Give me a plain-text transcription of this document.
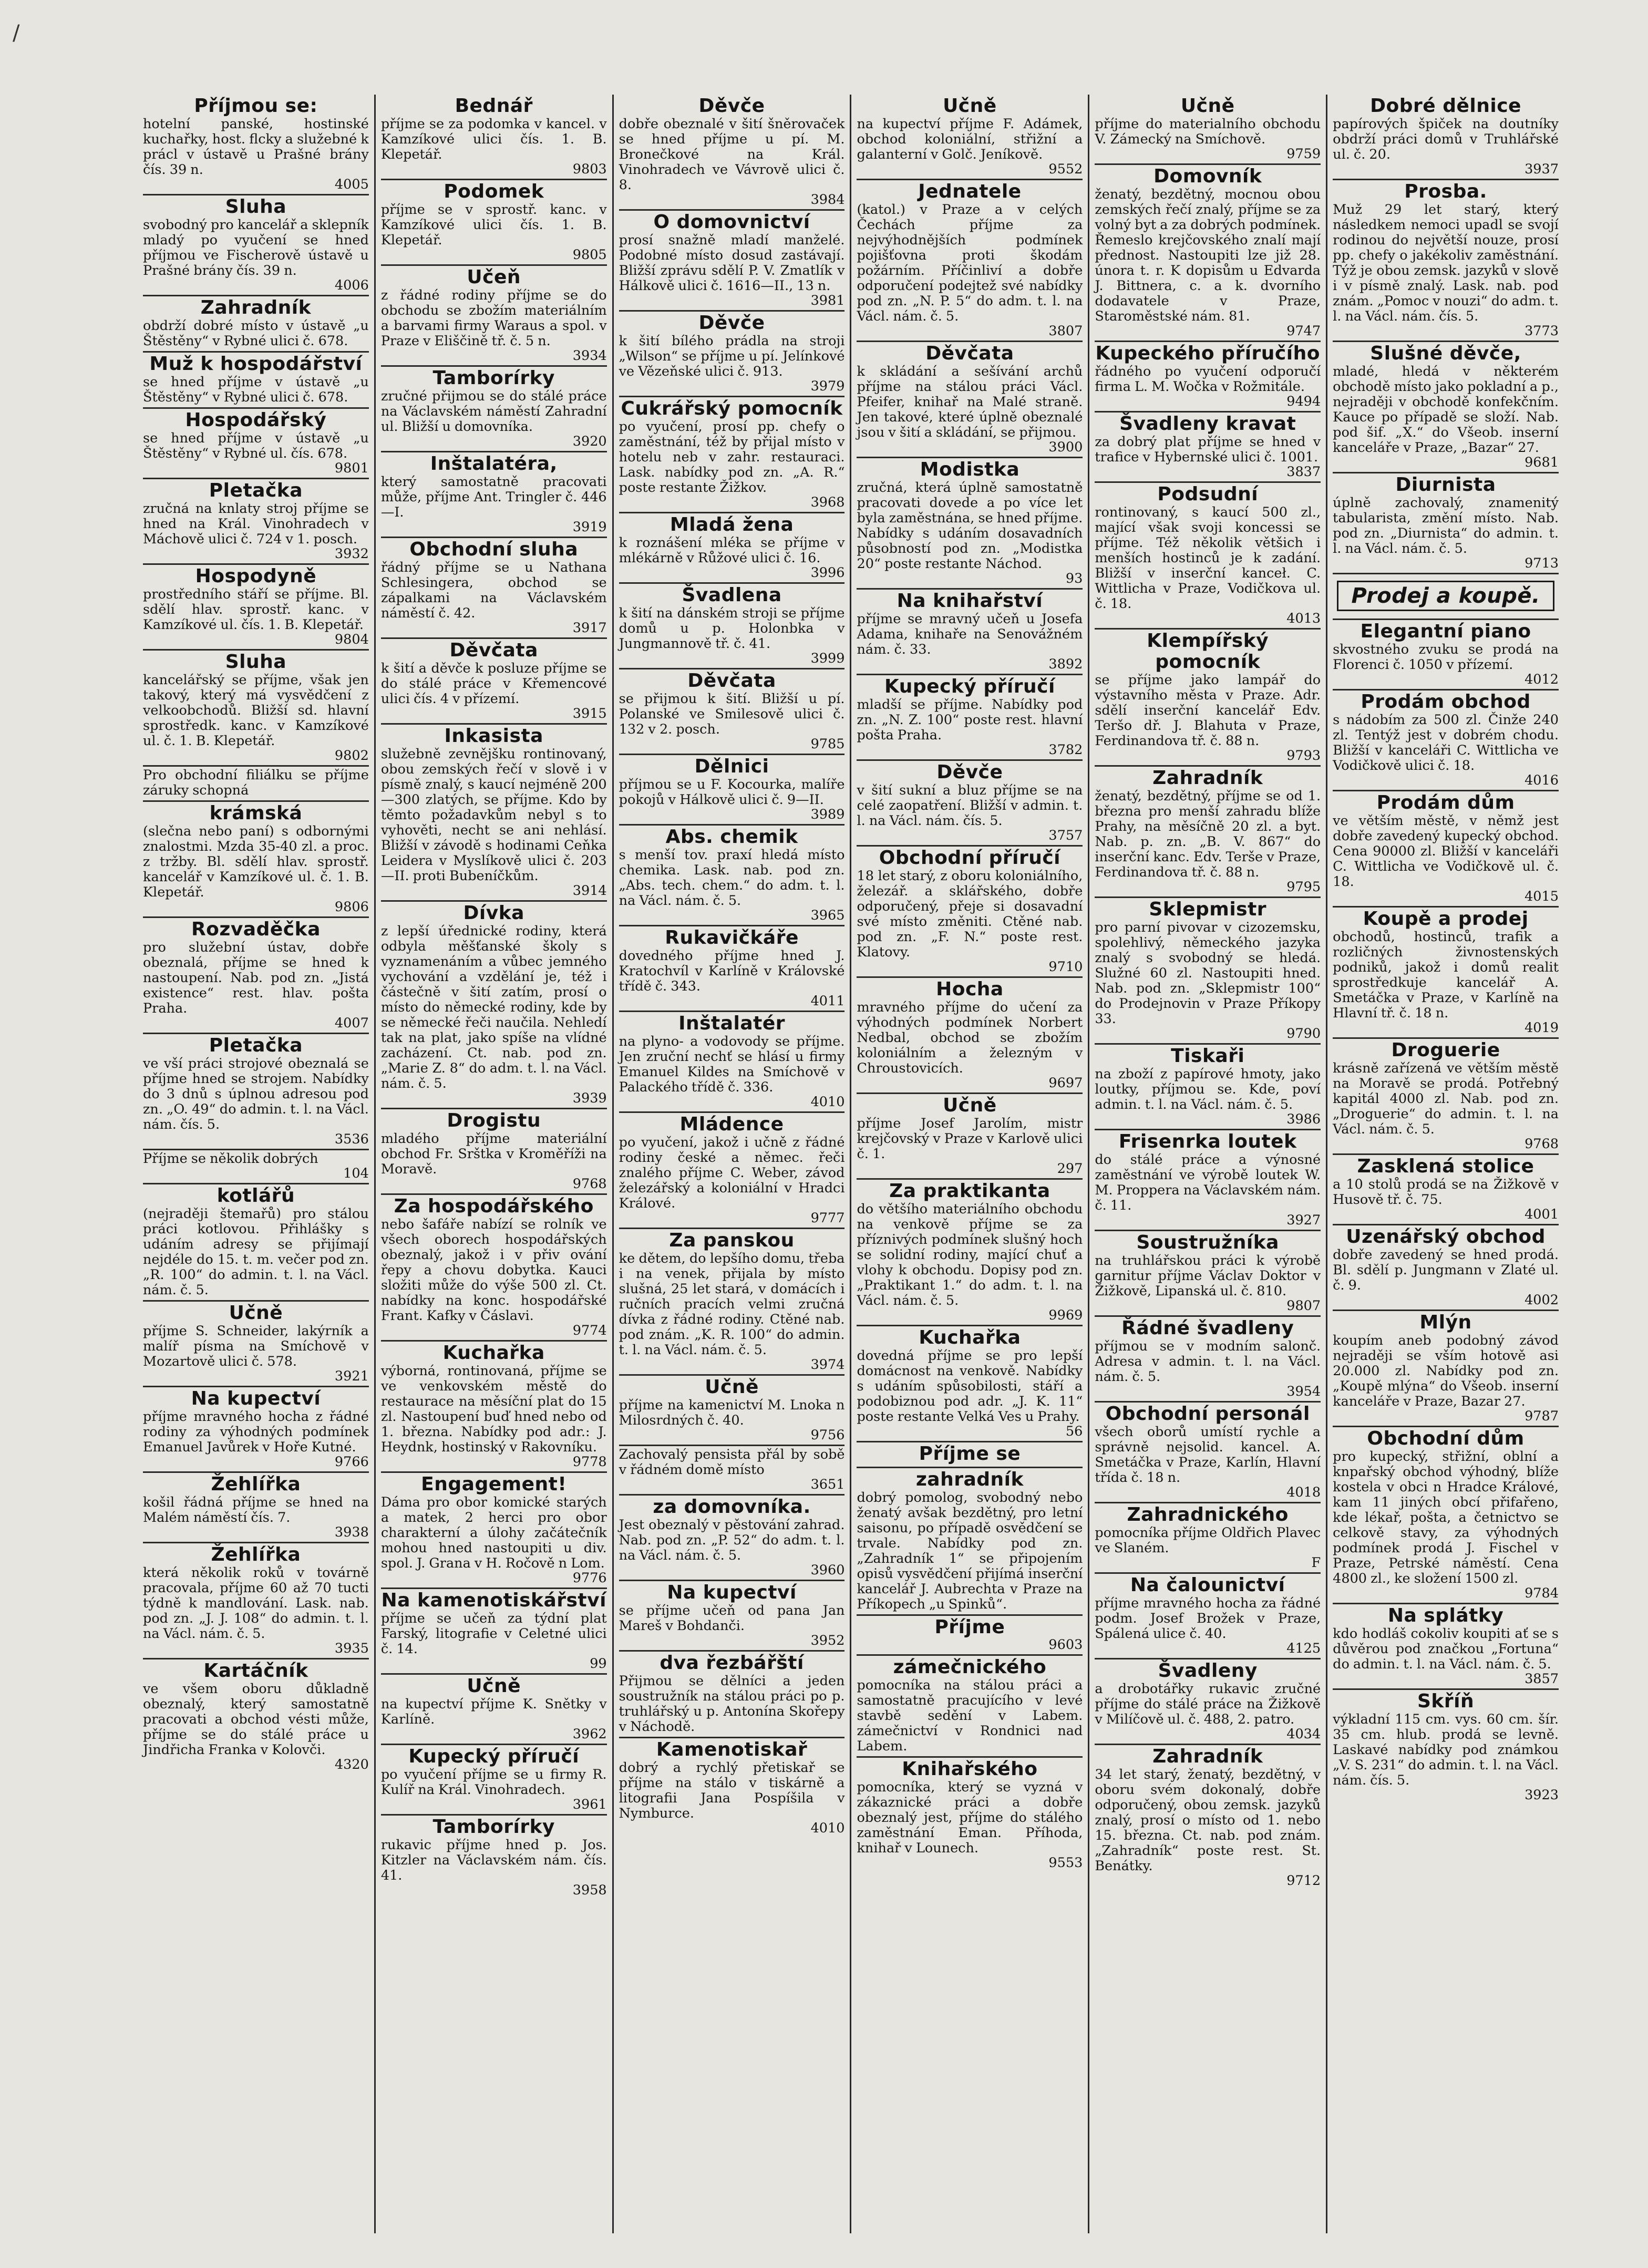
/
Příjmou se:
hotelní panské, hostinské kuchařky, host. flcky a služebné k prácl v ústavě u Prašné brány čís. 39 n.
4005
Sluha
svobodný pro kancelář a sklepník mladý po vyučení se hned příjmou ve Fischerově ústavě u Prašné brány čís. 39 n.
4006
Zahradník
obdrží dobré místo v ústavě „u Štěstěny“ v Rybné ulici č. 678.
Muž k hospodářství
se hned příjme v ústavě „u Štěstěny“ v Rybné ulici č. 678.
Hospodářský
se hned příjme v ústavě „u Štěstěny“ v Rybné ul. čís. 678.
9801
Pletačka
zručná na knlaty stroj příjme se hned na Král. Vinohradech v Máchově ulici č. 724 v 1. posch.
3932
Hospodyně
prostředního stáří se příjme. Bl. sdělí hlav. sprostř. kanc. v Kamzíkové ul. čís. 1. B. Klepetář.
9804
Sluha
kancelářský se příjme, však jen takový, který má vysvědčení z velkoobchodů. Bližší sd. hlavní sprostředk. kanc. v Kamzíkové ul. č. 1. B. Klepetář.
9802
Pro obchodní filiálku se příjme záruky schopná
krámská
(slečna nebo paní) s odbornými znalostmi. Mzda 35-40 zl. a proc. z tržby. Bl. sdělí hlav. sprostř. kancelář v Kamzíkové ul. č. 1. B. Klepetář.
9806
Rozvaděčka
pro služební ústav, dobře obeznalá, příjme se hned k nastoupení. Nab. pod zn. „Jistá existence“ rest. hlav. pošta Praha.
4007
Pletačka
ve vší práci strojové obeznalá se příjme hned se strojem. Nabídky do 3 dnů s úplnou adresou pod zn. „O. 49“ do admin. t. l. na Václ. nám. čís. 5.
3536
Příjme se několik dobrých
104
kotlářů
(nejraději štemařů) pro stálou práci kotlovou. Přihlášky s udáním adresy se přijímají nejdéle do 15. t. m. večer pod zn. „R. 100“ do admin. t. l. na Václ. nám. č. 5.
Učně
příjme S. Schneider, lakýrník a malíř písma na Smíchově v Mozartově ulici č. 578.
3921
Na kupectví
příjme mravného hocha z řádné rodiny za výhodných podmínek Emanuel Javůrek v Hoře Kutné.
9766
Žehlířka
košil řádná příjme se hned na Malém náměstí čís. 7.
3938
Žehlířka
která několik roků v továrně pracovala, příjme 60 až 70 tucti týdně k mandlování. Lask. nab. pod zn. „J. J. 108“ do admin. t. l. na Václ. nám. č. 5.
3935
Kartáčník
ve všem oboru důkladně obeznalý, který samostatně pracovati a obchod vésti může, příjme se do stálé práce u Jindřicha Franka v Kolovči.
4320
Bednář
příjme se za podomka v kancel. v Kamzíkové ulici čís. 1. B. Klepetář.
9803
Podomek
příjme se v sprostř. kanc. v Kamzíkové ulici čís. 1. B. Klepetář.
9805
Učeň
z řádné rodiny příjme se do obchodu se zbožím materiálním a barvami firmy Waraus a spol. v Praze v Eliščině tř. č. 5 n.
3934
Tamborírky
zručné přijmou se do stálé práce na Václavském náměstí Zahradní ul. Bližší u domovníka.
3920
Inštalatéra,
který samostatně pracovati může, příjme Ant. Tringler č. 446—I.
3919
Obchodní sluha
řádný příjme se u Nathana Schlesingera, obchod se zápalkami na Václavském náměstí č. 42.
3917
Děvčata
k šití a děvče k posluze příjme se do stálé práce v Křemencové ulici čís. 4 v přízemí.
3915
Inkasista
služebně zevnějšku rontinovaný, obou zemských řečí v slově i v písmě znalý, s kaucí nejméně 200—300 zlatých, se příjme. Kdo by těmto požadavkům nebyl s to vyhověti, necht se ani nehlásí. Bližší v závodě s hodinami Ceňka Leidera v Myslíkově ulici č. 203—II. proti Bubeníčkům.
3914
Dívka
z lepší úřednické rodiny, která odbyla měšťanské školy s vyznamenáním a vůbec jemného vychování a vzdělání je, též i částečně v šití zatím, prosí o místo do německé rodiny, kde by se německé řeči naučila. Nehledí tak na plat, jako spíše na vlídné zacházení. Ct. nab. pod zn. „Marie Z. 8“ do adm. t. l. na Václ. nám. č. 5.
3939
Drogistu
mladého příjme materiální obchod Fr. Srštka v Kroměříži na Moravě.
9768
Za hospodářského
nebo šafáře nabízí se rolník ve všech oborech hospodářských obeznalý, jakož i v přiv ování řepy a chovu dobytka. Kauci složiti může do výše 500 zl. Ct. nabídky na konc. hospodářské Frant. Kafky v Čáslavi.
9774
Kuchařka
výborná, rontinovaná, příjme se ve venkovském městě do restaurace na měsíční plat do 15 zl. Nastoupení buď hned nebo od 1. března. Nabídky pod adr.: J. Heydnk, hostinský v Rakovníku.
9778
Engagement!
Dáma pro obor komické starých a matek, 2 herci pro obor charakterní a úlohy začátečník mohou hned nastoupiti u div. spol. J. Grana v H. Ročově n Lom.
9776
Na kamenotiskářství
příjme se učeň za týdní plat Farský, litografie v Celetné ulici č. 14.
99
Učně
na kupectví příjme K. Snětky v Karlíně.
3962
Kupecký příručí
po vyučení příjme se u firmy R. Kulíř na Král. Vinohradech.
3961
Tamborírky
rukavic příjme hned p. Jos. Kitzler na Václavském nám. čís. 41.
3958
Děvče
dobře obeznalé v šití šněrovaček se hned příjme u pí. M. Bronečkové na Král. Vinohradech ve Vávrově ulici č. 8.
3984
O domovnictví
prosí snažně mladí manželé. Podobné místo dosud zastávají. Bližší zprávu sdělí P. V. Zmatlík v Hálkově ulici č. 1616—II., 13 n.
3981
Děvče
k šití bílého prádla na stroji „Wilson“ se příjme u pí. Jelínkové ve Vězeňské ulici č. 913.
3979
Cukrářský pomocník
po vyučení, prosí pp. chefy o zaměstnání, též by přijal místo v hotelu neb v zahr. restauraci. Lask. nabídky pod zn. „A. R.“ poste restante Žižkov.
3968
Mladá žena
k roznášení mléka se příjme v mlékárně v Růžové ulici č. 16.
3996
Švadlena
k šití na dánském stroji se příjme domů u p. Holonbka v Jungmannově tř. č. 41.
3999
Děvčata
se přijmou k šití. Bližší u pí. Polanské ve Smilesově ulici č. 132 v 2. posch.
9785
Dělnici
příjmou se u F. Kocourka, malíře pokojů v Hálkově ulici č. 9—II.
3989
Abs. chemik
s menší tov. praxí hledá místo chemika. Lask. nab. pod zn. „Abs. tech. chem.“ do adm. t. l. na Václ. nám. č. 5.
3965
Rukavičkáře
dovedného příjme hned J. Kratochvíl v Karlíně v Královské třídě č. 343.
4011
Inštalatér
na plyno- a vodovody se příjme. Jen zruční nechť se hlásí u firmy Emanuel Kildes na Smíchově v Palackého třídě č. 336.
4010
Mládence
po vyučení, jakož i učně z řádné rodiny české a němec. řeči znalého příjme C. Weber, závod železářský a koloniální v Hradci Králové.
9777
Za panskou
ke dětem, do lepšího domu, třeba i na venek, přijala by místo slušná, 25 let stará, v domácích i ručních pracích velmi zručná dívka z řádné rodiny. Ctěné nab. pod znám. „K. R. 100“ do admin. t. l. na Václ. nám. č. 5.
3974
Učně
příjme na kamenictví M. Lnoka n Milosrdných č. 40.
9756
Zachovalý pensista přál by sobě v řádném domě místo
3651
za domovníka.
Jest obeznalý v pěstování zahrad. Nab. pod zn. „P. 52“ do adm. t. l. na Václ. nám. č. 5.
3960
Na kupectví
se příjme učeň od pana Jan Mareš v Bohdanči.
3952
dva řezbářští
Přijmou se dělníci a jeden soustružník na stálou práci po p. truhlářský u p. Antonína Skořepy v Náchodě.
Kamenotiskař
dobrý a rychlý přetiskař se příjme na stálo v tiskárně a litografii Jana Pospíšila v Nymburce.
4010
Učně
na kupectví příjme F. Adámek, obchod koloniální, střižní a galanterní v Golč. Jeníkově.
9552
Jednatele
(katol.) v Praze a v celých Čechách příjme za nejvýhodnějších podmínek pojišťovna proti škodám požárním. Příčinliví a dobře odporučení podejtež své nabídky pod zn. „N. P. 5“ do adm. t. l. na Václ. nám. č. 5.
3807
Děvčata
k skládání a sešívání archů příjme na stálou práci Václ. Pfeifer, knihař na Malé straně. Jen takové, které úplně obeznalé jsou v šití a skládání, se přijmou.
3900
Modistka
zručná, která úplně samostatně pracovati dovede a po více let byla zaměstnána, se hned příjme. Nabídky s udáním dosavadních působností pod zn. „Modistka 20“ poste restante Náchod.
93
Na knihařství
příjme se mravný učeň u Josefa Adama, knihaře na Senovážném nám. č. 33.
3892
Kupecký příručí
mladší se příjme. Nabídky pod zn. „N. Z. 100“ poste rest. hlavní pošta Praha.
3782
Děvče
v šití sukní a bluz příjme se na celé zaopatření. Bližší v admin. t. l. na Václ. nám. čís. 5.
3757
Obchodní příručí
18 let starý, z oboru koloniálního, železář. a sklářského, dobře odporučený, přeje si dosavadní své místo změniti. Ctěné nab. pod zn. „F. N.“ poste rest. Klatovy.
9710
Hocha
mravného příjme do učení za výhodných podmínek Norbert Nedbal, obchod se zbožím koloniálním a železným v Chroustovicích.
9697
Učně
příjme Josef Jarolím, mistr krejčovský v Praze v Karlově ulici č. 1.
297
Za praktikanta
do většího materiálního obchodu na venkově příjme se za příznivých podmínek slušný hoch se solidní rodiny, mající chuť a vlohy k obchodu. Dopisy pod zn. „Praktikant 1.“ do adm. t. l. na Václ. nám. č. 5.
9969
Kuchařka
dovedná příjme se pro lepší domácnost na venkově. Nabídky s udáním spůsobilosti, stáří a podobiznou pod adr. „J. K. 11“ poste restante Velká Ves u Prahy.
56
Příjme se
zahradník
dobrý pomolog, svobodný nebo ženatý avšak bezdětný, pro letní saisonu, po případě osvědčení se trvale. Nabídky pod zn. „Zahradník 1“ se připojením opisů vysvědčení přijímá inserční kancelář J. Aubrechta v Praze na Příkopech „u Spinků“.
Příjme
9603
zámečnického
pomocníka na stálou práci a samostatně pracujícího v levé stavbě sedění v Labem. zámečnictví v Rondnici nad Labem.
Knihařského
pomocníka, který se vyzná v zákaznické práci a dobře obeznalý jest, příjme do stálého zaměstnání Eman. Příhoda, knihař v Lounech.
9553
Učně
příjme do materialního obchodu V. Zámecký na Smíchově.
9759
Domovník
ženatý, bezdětný, mocnou obou zemských řečí znalý, příjme se za volný byt a za dobrých podmínek. Řemeslo krejčovského znalí mají přednost. Nastoupiti lze již 28. února t. r. K dopisům u Edvarda J. Bittnera, c. a k. dvorního dodavatele v Praze, Staroměstské nám. 81.
9747
Kupeckého příručího
řádného po vyučení odporučí firma L. M. Wočka v Rožmitále.
9494
Švadleny kravat
za dobrý plat příjme se hned v trafice v Hybernské ulici č. 1001.
3837
Podsudní
rontinovaný, s kaucí 500 zl., mající však svoji koncessi se příjme. Též několik většich i menších hostinců je k zadání. Bližší v inserční kanceł. C. Wittlicha v Praze, Vodičkova ul. č. 18.
4013
Klempířský pomocník
se příjme jako lampář do výstavního města v Praze. Adr. sdělí inserční kancelář Edv. Teršo dř. J. Blahuta v Praze, Ferdinandova tř. č. 88 n.
9793
Zahradník
ženatý, bezdětný, příjme se od 1. března pro menší zahradu blíže Prahy, na měsíčně 20 zl. a byt. Nab. p. zn. „B. V. 867“ do inserční kanc. Edv. Terše v Praze, Ferdinandova tř. č. 88 n.
9795
Sklepmistr
pro parní pivovar v cizozemsku, spolehlivý, německého jazyka znalý s svobodný se hledá. Služné 60 zl. Nastoupiti hned. Nab. pod zn. „Sklepmistr 100“ do Prodejnovin v Praze Příkopy 33.
9790
Tiskaři
na zboží z papírové hmoty, jako loutky, příjmou se. Kde, poví admin. t. l. na Václ. nám. č. 5.
3986
Frisenrka loutek
do stálé práce a výnosné zaměstnání ve výrobě loutek W. M. Proppera na Václavském nám. č. 11.
3927
Soustružníka
na truhlářskou práci k výrobě garnitur příjme Václav Doktor v Žižkově, Lipanská ul. č. 810.
9807
Řádné švadleny
příjmou se v modním salonč. Adresa v admin. t. l. na Václ. nám. č. 5.
3954
Obchodní personál
všech oborů umístí rychle a správně nejsolid. kancel. A. Smetáčka v Praze, Karlín, Hlavní třída č. 18 n.
4018
Zahradnického
pomocníka příjme Oldřich Plavec ve Slaném.
F
Na čalounictví
příjme mravného hocha za řádné podm. Josef Brožek v Praze, Spálená ulice č. 40.
4125
Švadleny
a drobotářky rukavic zručné příjme do stálé práce na Žižkově v Milíčově ul. č. 488, 2. patro.
4034
Zahradník
34 let starý, ženatý, bezdětný, v oboru svém dokonalý, dobře odporučený, obou zemsk. jazyků znalý, prosí o místo od 1. nebo 15. března. Ct. nab. pod znám. „Zahradník“ poste rest. St. Benátky.
9712
Dobré dělnice
papírových špiček na doutníky obdrží práci domů v Truhlářské ul. č. 20.
3937
Prosba.
Muž 29 let starý, který následkem nemoci upadl se svojí rodinou do největší nouze, prosí pp. chefy o jakékoliv zaměstnání. Týž je obou zemsk. jazyků v slově i v písmě znalý. Lask. nab. pod znám. „Pomoc v nouzi“ do adm. t. l. na Václ. nám. čís. 5.
3773
Slušné děvče,
mladé, hledá v některém obchodě místo jako pokladní a p., nejraději v obchodě konfekčním. Kauce po případě se složí. Nab. pod šif. „X.“ do Všeob. inserní kanceláře v Praze, „Bazar“ 27.
9681
Diurnista
úplně zachovalý, znamenitý tabularista, změní místo. Nab. pod zn. „Diurnista“ do admin. t. l. na Václ. nám. č. 5.
9713
Prodej a koupě.
Elegantní piano
skvostného zvuku se prodá na Florenci č. 1050 v přízemí.
4012
Prodám obchod
s nádobím za 500 zl. Činže 240 zl. Tentýž jest v dobrém chodu. Bližší v kanceláři C. Wittlicha ve Vodičkově ulici č. 18.
4016
Prodám dům
ve větším městě, v němž jest dobře zavedený kupecký obchod. Cena 90000 zl. Bližší v kanceláři C. Wittlicha ve Vodičkově ul. č. 18.
4015
Koupě a prodej
obchodů, hostinců, trafik a rozličných živnostenských podniků, jakož i domů realit sprostředkuje kancelář A. Smetáčka v Praze, v Karlíně na Hlavní tř. č. 18 n.
4019
Droguerie
krásně zařízená ve větším městě na Moravě se prodá. Potřebný kapitál 4000 zl. Nab. pod zn. „Droguerie“ do admin. t. l. na Václ. nám. č. 5.
9768
Zasklená stolice
a 10 stolů prodá se na Žižkově v Husově tř. č. 75.
4001
Uzenářský obchod
dobře zavedený se hned prodá. Bl. sdělí p. Jungmann v Zlaté ul. č. 9.
4002
Mlýn
koupím aneb podobný závod nejraději se vším hotově asi 20.000 zl. Nabídky pod zn. „Koupě mlýna“ do Všeob. inserní kanceláře v Praze, Bazar 27.
9787
Obchodní dům
pro kupecký, střižní, oblní a knpařský obchod výhodný, blíže kostela v obci n Hradce Králové, kam 11 jiných obcí přifařeno, kde lékař, pošta, a četnictvo se celkově stavy, za výhodných podmínek prodá J. Fischel v Praze, Petrské náměstí. Cena 4800 zl., ke složení 1500 zl.
9784
Na splátky
kdo hodláš cokoliv koupiti ať se s důvěrou pod značkou „Fortuna“ do admin. t. l. na Václ. nám. č. 5.
3857
Skříň
výkladní 115 cm. vys. 60 cm. šír. 35 cm. hlub. prodá se levně. Laskavé nabídky pod známkou „V. S. 231“ do admin. t. l. na Václ. nám. čís. 5.
3923
